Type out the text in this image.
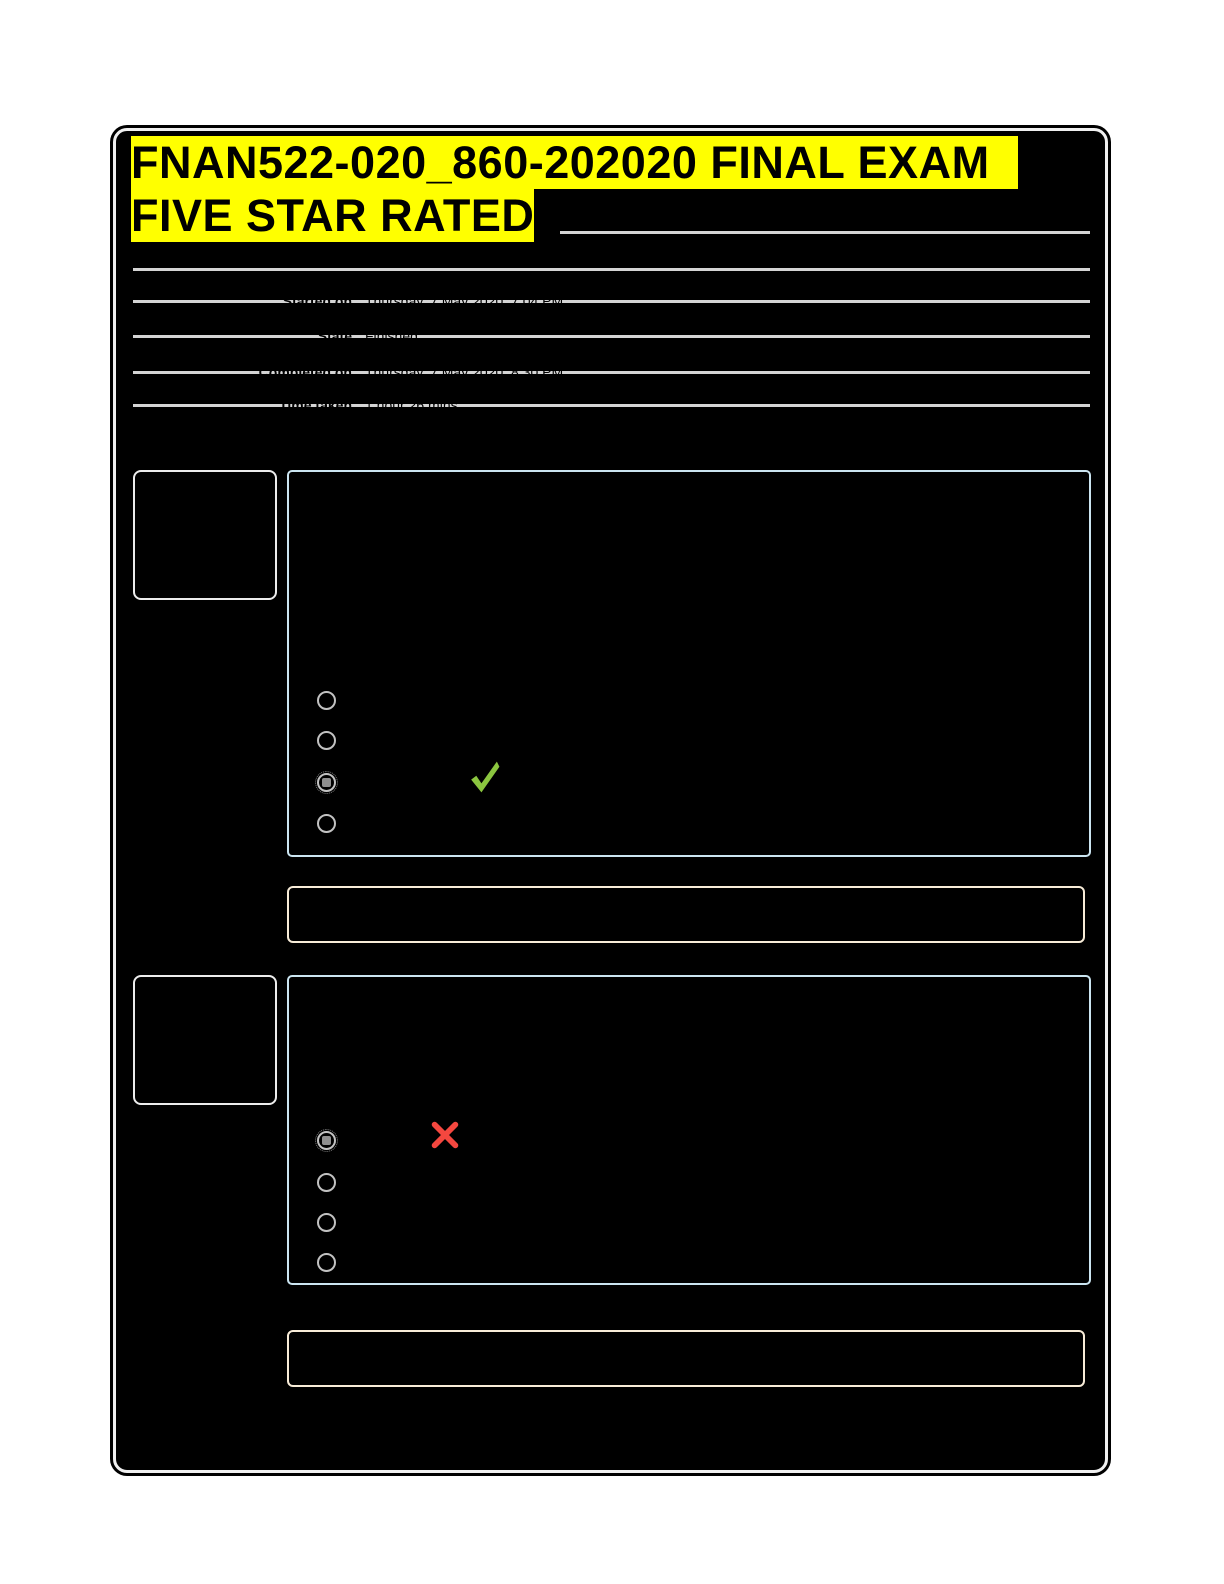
FNAN522-020_860-202020 FINAL EXAM
FIVE STAR RATED
Started on Thursday, 7 May 2020, 7:04 PM
State Finished
Completed on Thursday, 7 May 2020, 8:30 PM
Time taken 1 hour 26 mins
